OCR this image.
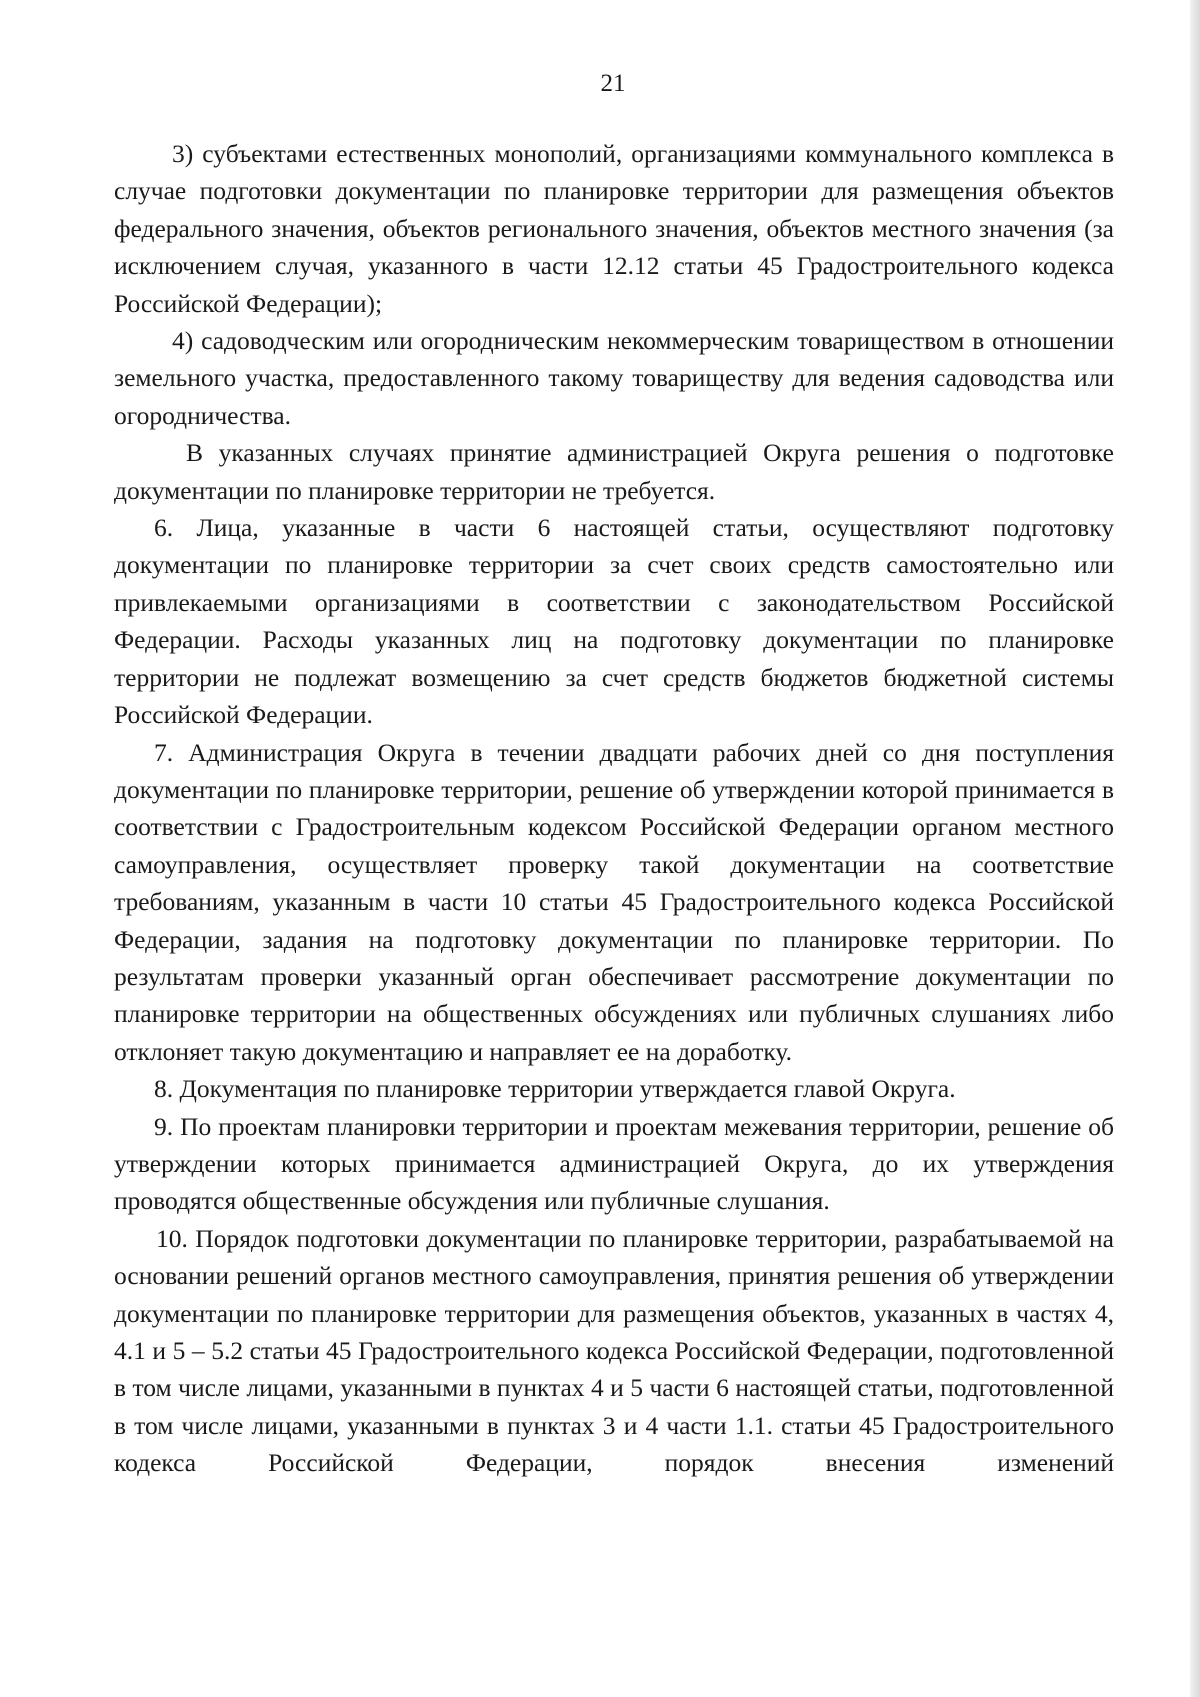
21

3) субъектами естественных монополий, организациями коммунального комплекса в случае подготовки документации по планировке территории для размещения объектов федерального значения, объектов регионального значения, объектов местного значения (за исключением случая, указанного в части 12.12 статьи 45 Градостроительного кодекса Российской Федерации);

4) садоводческим или огородническим некоммерческим товариществом в отношении земельного участка, предоставленного такому товариществу для ведения садоводства или огородничества.

В указанных случаях принятие администрацией Округа решения о подготовке документации по планировке территории не требуется.

6. Лица, указанные в части 6 настоящей статьи, осуществляют подготовку документации по планировке территории за счет своих средств самостоятельно или привлекаемыми организациями в соответствии с законодательством Российской Федерации. Расходы указанных лиц на подготовку документации по планировке территории не подлежат возмещению за счет средств бюджетов бюджетной системы Российской Федерации.

7. Администрация Округа в течении двадцати рабочих дней со дня поступления документации по планировке территории, решение об утверждении которой принимается в соответствии с Градостроительным кодексом Российской Федерации органом местного самоуправления, осуществляет проверку такой документации на соответствие требованиям, указанным в части 10 статьи 45 Градостроительного кодекса Российской Федерации, задания на подготовку документации по планировке территории. По результатам проверки указанный орган обеспечивает рассмотрение документации по планировке территории на общественных обсуждениях или публичных слушаниях либо отклоняет такую документацию и направляет ее на доработку.

8. Документация по планировке территории утверждается главой Округа.

9. По проектам планировки территории и проектам межевания территории, решение об утверждении которых принимается администрацией Округа, до их утверждения проводятся общественные обсуждения или публичные слушания.

10. Порядок подготовки документации по планировке территории, разрабатываемой на основании решений органов местного самоуправления, принятия решения об утверждении документации по планировке территории для размещения объектов, указанных в частях 4, 4.1 и 5 – 5.2 статьи 45 Градостроительного кодекса Российской Федерации, подготовленной в том числе лицами, указанными в пунктах 4 и 5 части 6 настоящей статьи, подготовленной в том числе лицами, указанными в пунктах 3 и 4 части 1.1. статьи 45 Градостроительного кодекса Российской Федерации, порядок внесения изменений
